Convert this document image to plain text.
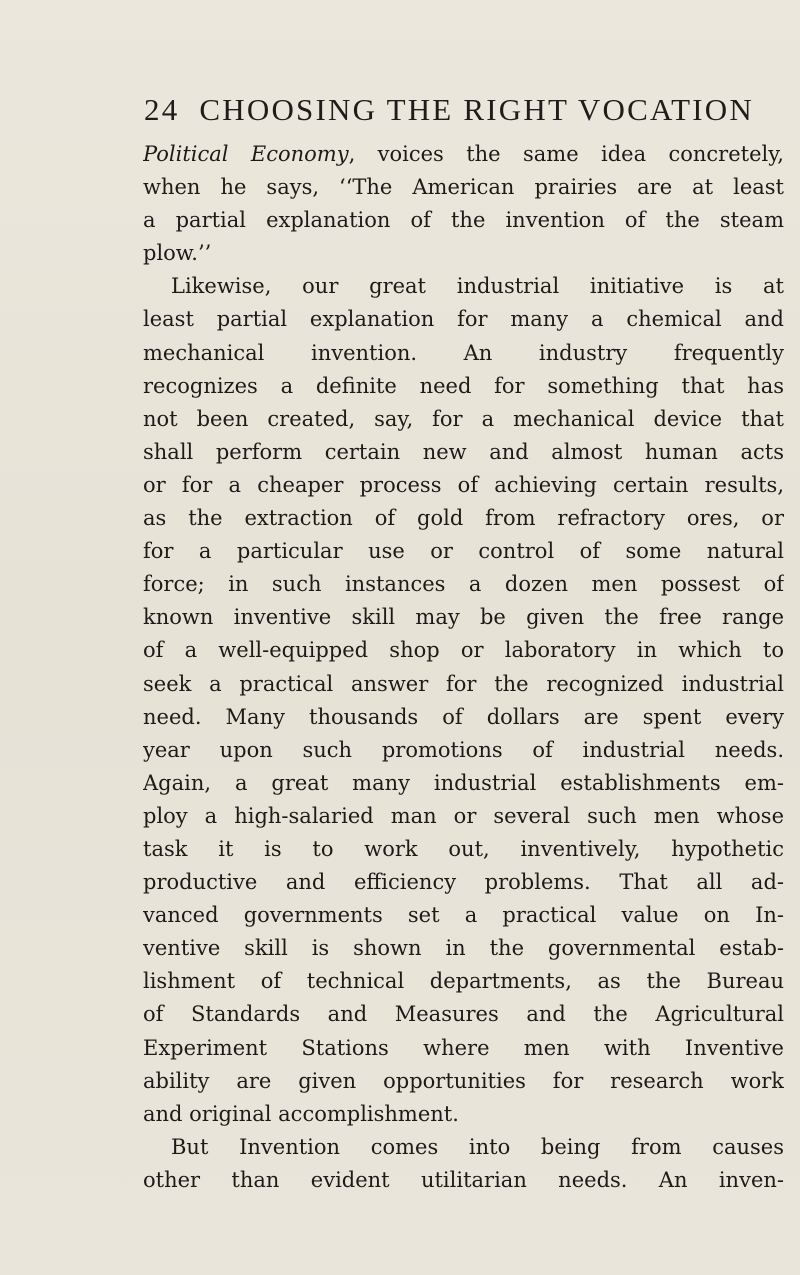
24 CHOOSING THE RIGHT VOCATION
Political Economy, voices the same idea concretely,
when he says, ‘‘The American prairies are at least
a partial explanation of the invention of the steam
plow.’’
Likewise, our great industrial initiative is at
least partial explanation for many a chemical and
mechanical invention. An industry frequently
recognizes a definite need for something that has
not been created, say, for a mechanical device that
shall perform certain new and almost human acts
or for a cheaper process of achieving certain results,
as the extraction of gold from refractory ores, or
for a particular use or control of some natural
force; in such instances a dozen men possest of
known inventive skill may be given the free range
of a well-equipped shop or laboratory in which to
seek a practical answer for the recognized industrial
need. Many thousands of dollars are spent every
year upon such promotions of industrial needs.
Again, a great many industrial establishments em-
ploy a high-salaried man or several such men whose
task it is to work out, inventively, hypothetic
productive and efficiency problems. That all ad-
vanced governments set a practical value on In-
ventive skill is shown in the governmental estab-
lishment of technical departments, as the Bureau
of Standards and Measures and the Agricultural
Experiment Stations where men with Inventive
ability are given opportunities for research work
and original accomplishment.
But Invention comes into being from causes
other than evident utilitarian needs. An inven-
